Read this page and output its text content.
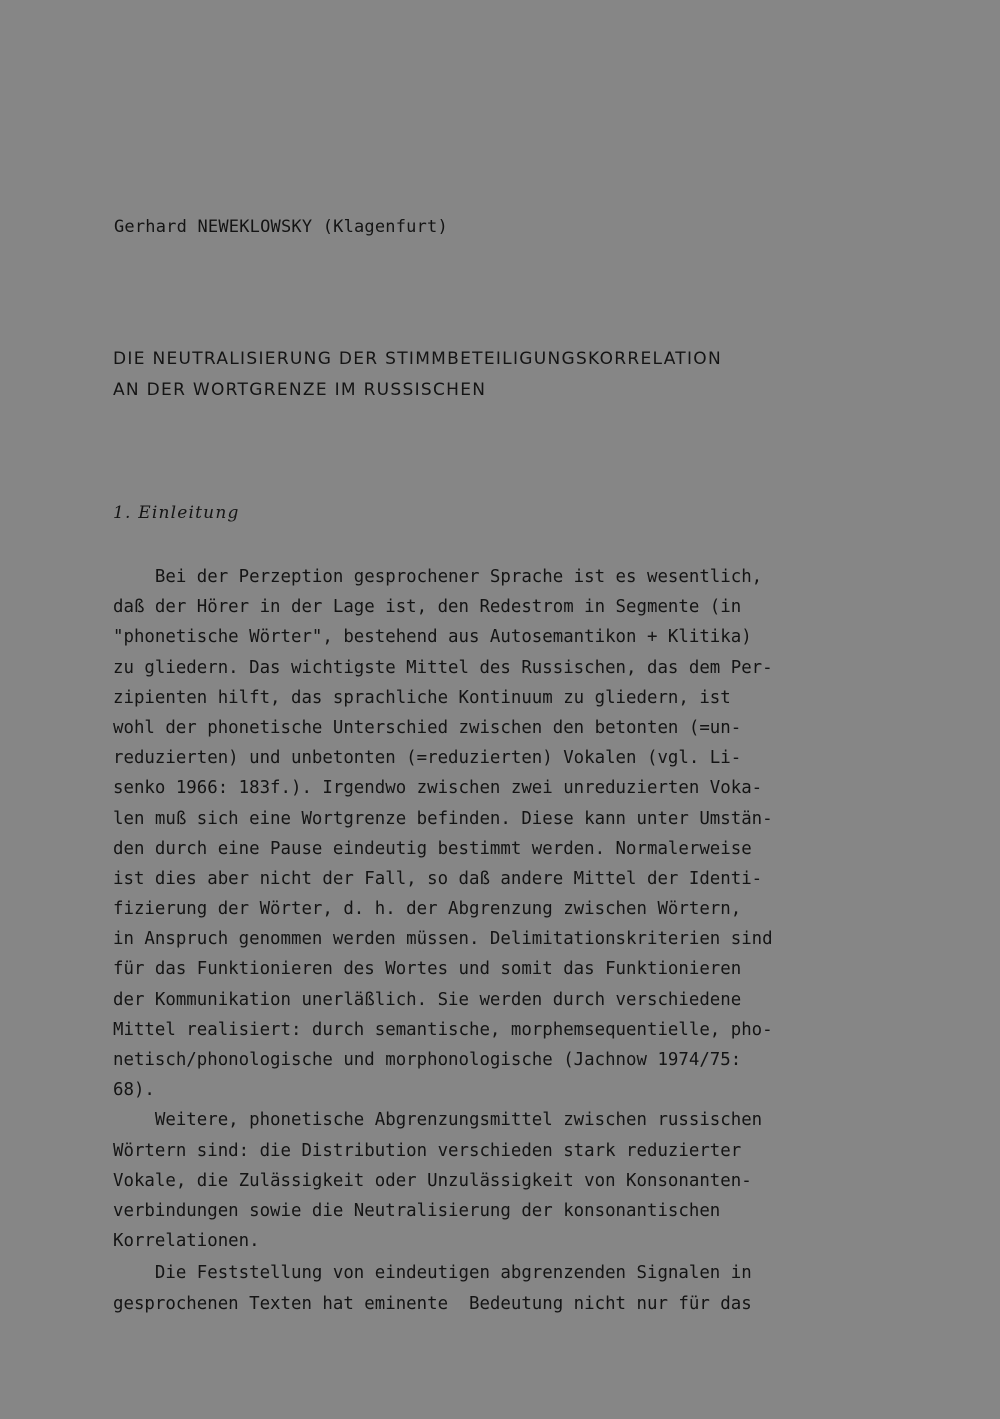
Gerhard NEWEKLOWSKY (Klagenfurt)
DIE NEUTRALISIERUNG DER STIMMBETEILIGUNGSKORRELATION
AN DER WORTGRENZE IM RUSSISCHEN
1. Einleitung
Bei der Perzeption gesprochener Sprache ist es wesentlich,
daß der Hörer in der Lage ist, den Redestrom in Segmente (in
"phonetische Wörter", bestehend aus Autosemantikon + Klitika)
zu gliedern. Das wichtigste Mittel des Russischen, das dem Per-
zipienten hilft, das sprachliche Kontinuum zu gliedern, ist
wohl der phonetische Unterschied zwischen den betonten (=un-
reduzierten) und unbetonten (=reduzierten) Vokalen (vgl. Li-
senko 1966: 183f.). Irgendwo zwischen zwei unreduzierten Voka-
len muß sich eine Wortgrenze befinden. Diese kann unter Umstän-
den durch eine Pause eindeutig bestimmt werden. Normalerweise
ist dies aber nicht der Fall, so daß andere Mittel der Identi-
fizierung der Wörter, d. h. der Abgrenzung zwischen Wörtern,
in Anspruch genommen werden müssen. Delimitationskriterien sind
für das Funktionieren des Wortes und somit das Funktionieren
der Kommunikation unerläßlich. Sie werden durch verschiedene
Mittel realisiert: durch semantische, morphemsequentielle, pho-
netisch/phonologische und morphonologische (Jachnow 1974/75:
68).
Weitere, phonetische Abgrenzungsmittel zwischen russischen
Wörtern sind: die Distribution verschieden stark reduzierter
Vokale, die Zulässigkeit oder Unzulässigkeit von Konsonanten-
verbindungen sowie die Neutralisierung der konsonantischen
Korrelationen.
Die Feststellung von eindeutigen abgrenzenden Signalen in
gesprochenen Texten hat eminente  Bedeutung nicht nur für das
